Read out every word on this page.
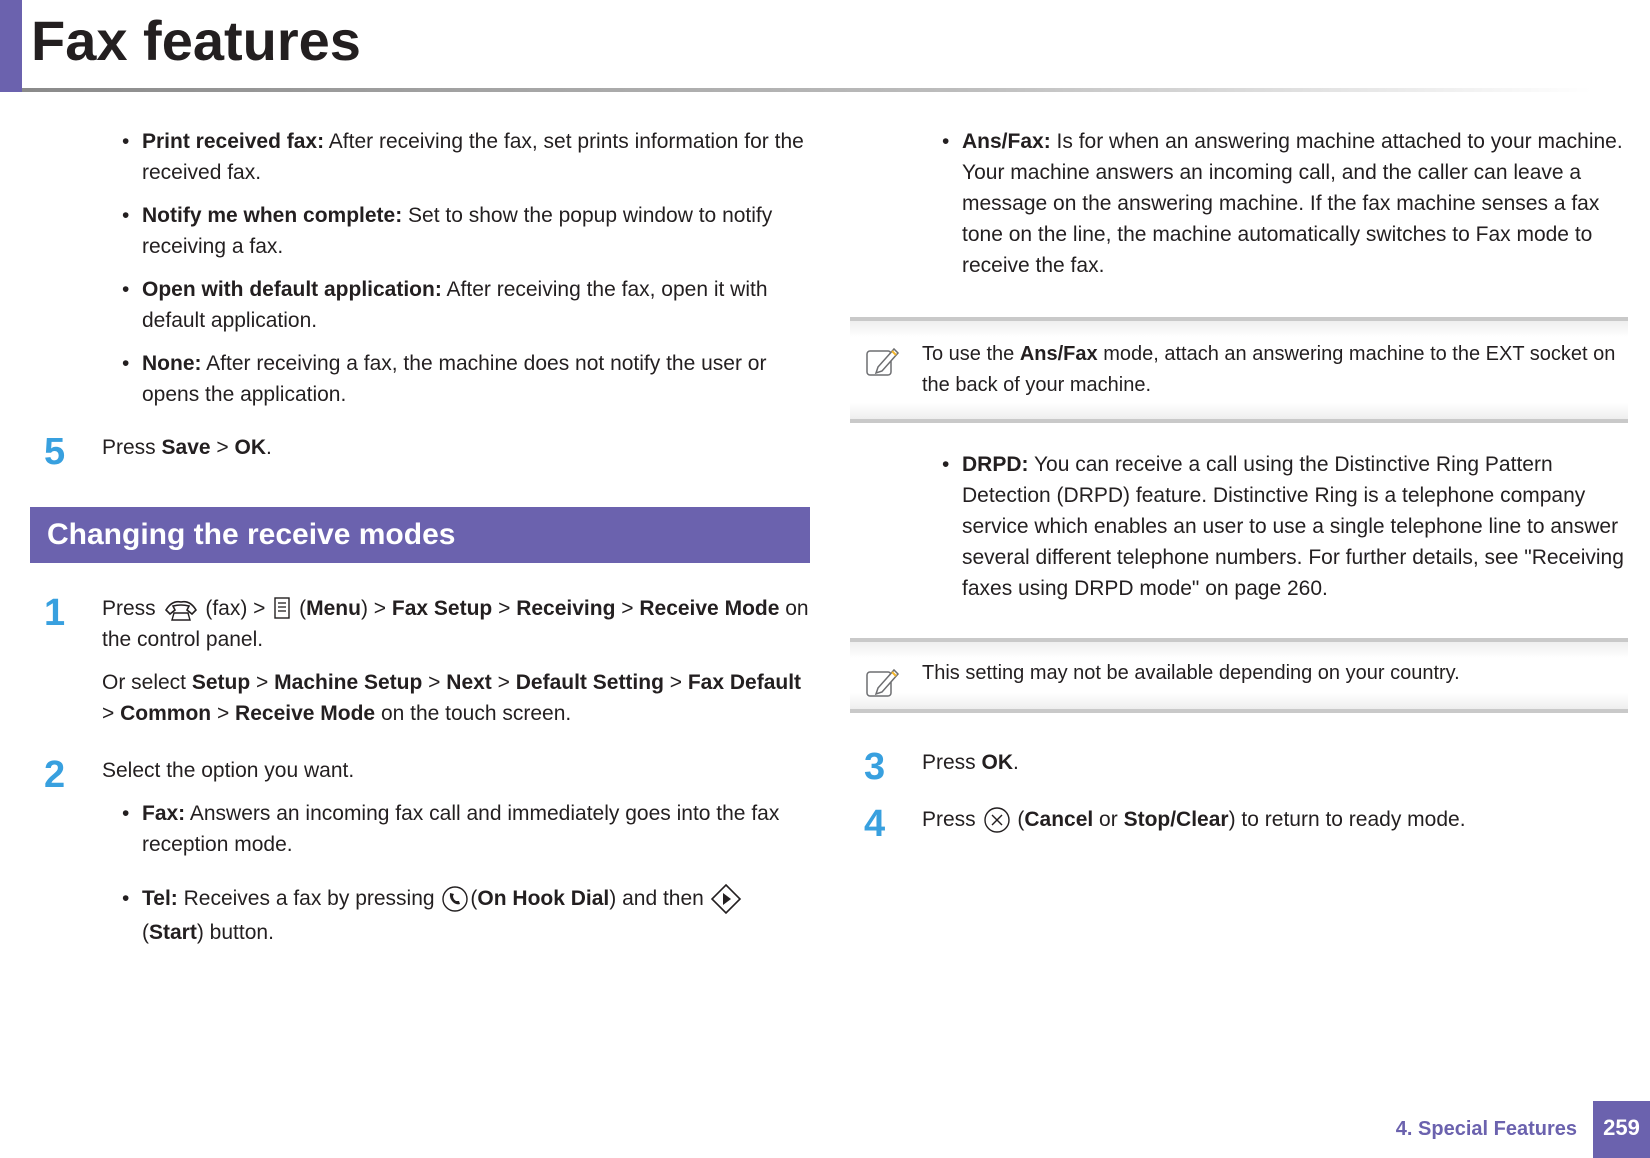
Fax features
• Print received fax: After receiving the fax, set prints information for the received fax.
• Notify me when complete: Set to show the popup window to notify receiving a fax.
• Open with default application: After receiving the fax, open it with default application.
• None: After receiving a fax, the machine does not notify the user or opens the application.
5 Press Save > OK.
Changing the receive modes
1 Press  (fax) >  (Menu) > Fax Setup > Receiving > Receive Mode on the control panel.
Or select Setup > Machine Setup > Next > Default Setting > Fax Default > Common > Receive Mode on the touch screen.
2 Select the option you want.
• Fax: Answers an incoming fax call and immediately goes into the fax reception mode.
• Tel: Receives a fax by pressing (On Hook Dial) and then
(Start) button.
• Ans/Fax: Is for when an answering machine attached to your machine. Your machine answers an incoming call, and the caller can leave a message on the answering machine. If the fax machine senses a fax tone on the line, the machine automatically switches to Fax mode to receive the fax.
To use the Ans/Fax mode, attach an answering machine to the EXT socket on the back of your machine.
• DRPD: You can receive a call using the Distinctive Ring Pattern Detection (DRPD) feature. Distinctive Ring is a telephone company service which enables an user to use a single telephone line to answer several different telephone numbers. For further details, see "Receiving faxes using DRPD mode" on page 260.
This setting may not be available depending on your country.
3 Press OK.
4 Press  (Cancel or Stop/Clear) to return to ready mode.
4. Special Features	259
